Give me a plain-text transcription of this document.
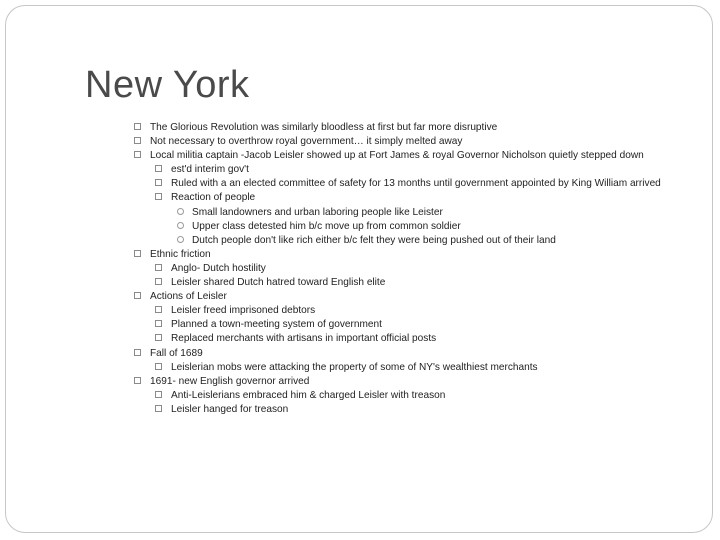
New York
The Glorious Revolution was similarly bloodless at first but far more disruptive
Not necessary to overthrow royal government… it simply melted away
Local militia captain -Jacob Leisler showed up at Fort James & royal Governor Nicholson quietly stepped down
est'd interim gov't
Ruled with a an elected committee of safety for 13 months until government appointed by King William arrived
Reaction of people
Small landowners and urban laboring people like Leister
Upper class detested him b/c move up from common soldier
Dutch people don't like rich either b/c felt they were being pushed out of their land
Ethnic friction
Anglo- Dutch hostility
Leisler shared Dutch hatred toward English elite
Actions of Leisler
Leisler freed imprisoned debtors
Planned a town-meeting system of government
Replaced merchants with artisans in important official posts
Fall of 1689
Leislerian mobs were attacking the property of some of NY's wealthiest merchants
1691- new English governor arrived
Anti-Leislerians embraced him & charged Leisler with treason
Leisler hanged for treason
